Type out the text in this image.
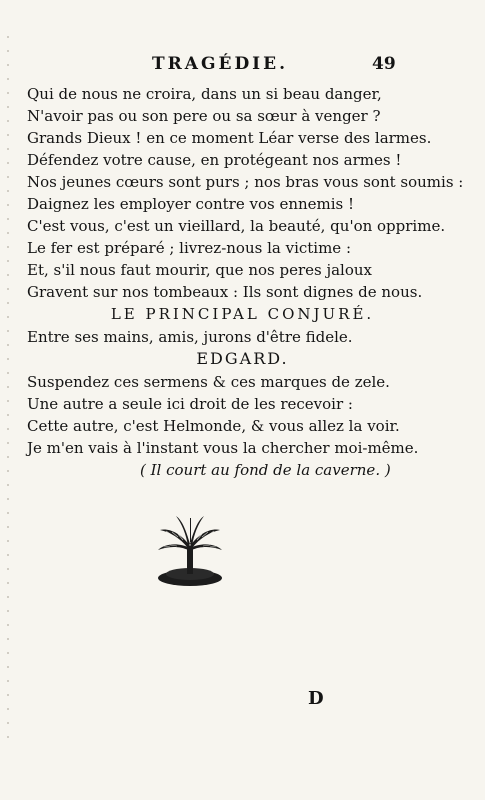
TRAGÉDIE.	49
Qui de nous ne croira, dans un si beau danger,
N'avoir pas ou son pere ou sa sœur à venger ?
Grands Dieux ! en ce moment Léar verse des larmes.
Défendez votre cause, en protégeant nos armes !
Nos jeunes cœurs sont purs ; nos bras vous sont soumis :
Daignez les employer contre vos ennemis !
C'est vous, c'est un vieillard, la beauté, qu'on opprime.
Le fer est préparé ; livrez-nous la victime :
Et, s'il nous faut mourir, que nos peres jaloux
Gravent sur nos tombeaux : Ils sont dignes de nous.
LE PRINCIPAL CONJURÉ.
Entre ses mains, amis, jurons d'être fidele.
EDGARD.
Suspendez ces sermens & ces marques de zele.
Une autre a seule ici droit de les recevoir :
Cette autre, c'est Helmonde, & vous allez la voir.
Je m'en vais à l'instant vous la chercher moi-même.
( Il court au fond de la caverne. )
D
